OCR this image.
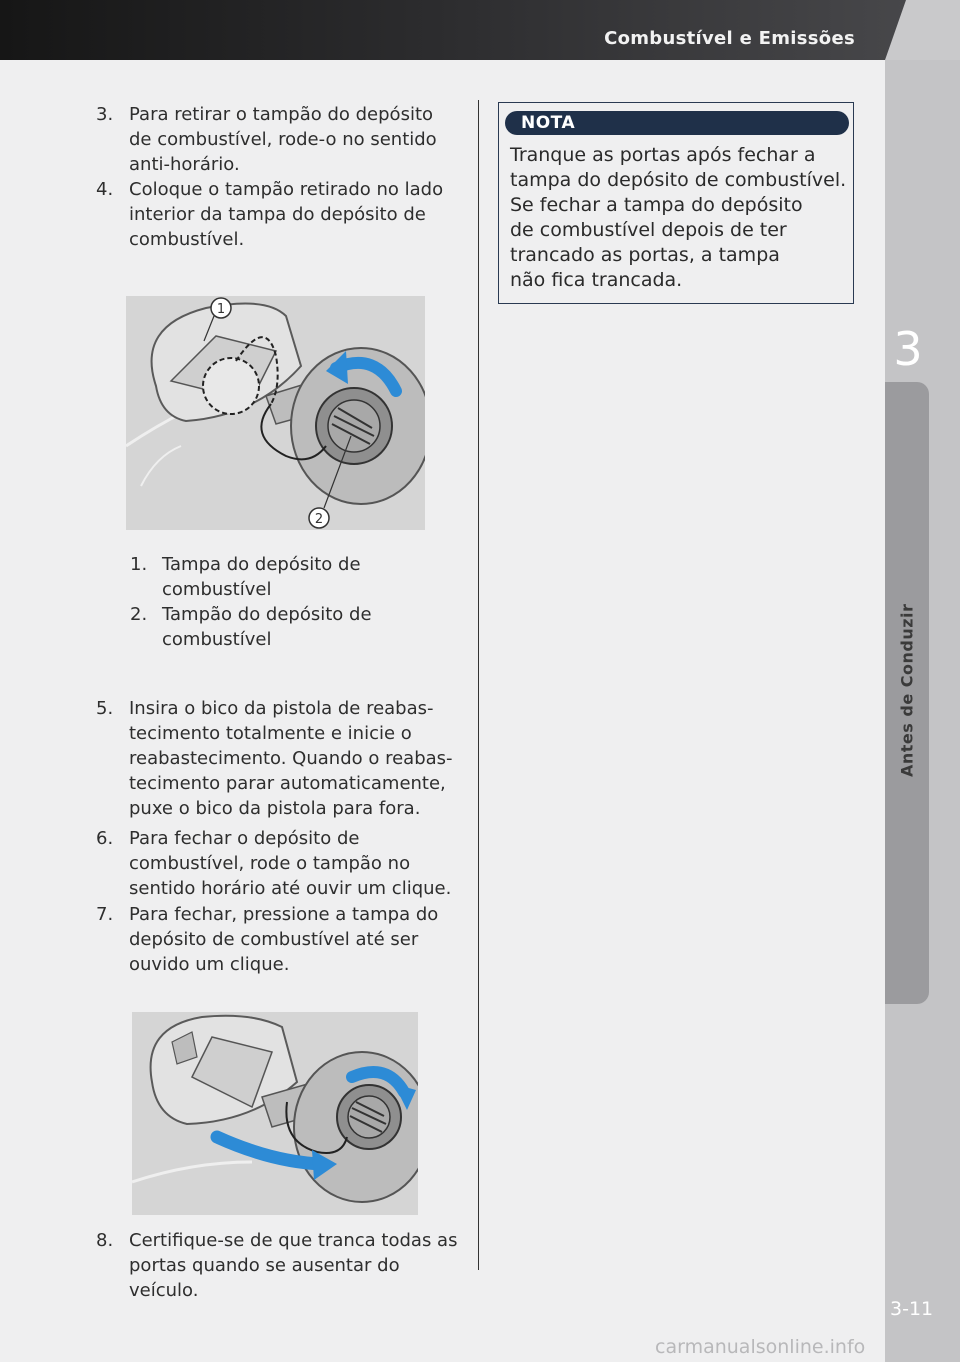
Combustível e Emissões
3
Antes de Conduzir
3-11
3. Para retirar o tampão do depósito
de combustível, rode-o no sentido
anti-horário.
4. Coloque o tampão retirado no lado
interior da tampa do depósito de
combustível.
1
2
1. Tampa do depósito de
combustível
2. Tampão do depósito de
combustível
5. Insira o bico da pistola de reabas-
tecimento totalmente e inicie o
reabastecimento. Quando o reabas-
tecimento parar automaticamente,
puxe o bico da pistola para fora.
6. Para fechar o depósito de
combustível, rode o tampão no
sentido horário até ouvir um clique.
7. Para fechar, pressione a tampa do
depósito de combustível até ser
ouvido um clique.
8. Certifique-se de que tranca todas as
portas quando se ausentar do veículo.
NOTA
Tranque as portas após fechar a
tampa do depósito de combustível.
Se fechar a tampa do depósito
de combustível depois de ter
trancado as portas, a tampa
não fica trancada.
carmanualsonline.info
